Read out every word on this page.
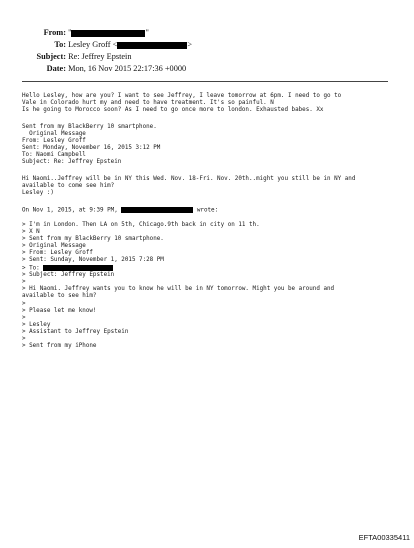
From: "	"
To: Lesley Groff <	>
Subject: Re: Jeffrey Epstein
Date: Mon, 16 Nov 2015 22:17:36 +0000
Hello Lesley, how are you? I want to see Jeffrey, I leave tomorrow at 6pm. I need to go to
Vale in Colorado hurt my and need to have treatment. It's so painful. N
Is he going to Morocco soon? As I need to go once more to london. Exhausted babes. Xx
Sent from my BlackBerry 10 smartphone.
Original Message
From: Lesley Groff
Sent: Monday, November 16, 2015 3:12 PM
To: Naomi Campbell
Subject: Re: Jeffrey Epstein
Hi Naomi..Jeffrey will be in NY this Wed. Nov. 18-Fri. Nov. 20th..might you still be in NY and
available to come see him?
Lesley :)
On Nov 1, 2015, at 9:39 PM,	wrote:
> I'm in London. Then LA on 5th, Chicago.9th back in city on 11 th.
> X N
> Sent from my BlackBerry 10 smartphone.
> Original Message
> From: Lesley Groff
> Sent: Sunday, November 1, 2015 7:28 PM
> To:
> Subject: Jeffrey Epstein
>
> Hi Naomi. Jeffrey wants you to know he will be in NY tomorrow. Might you be around and
available to see him?
>
> Please let me know!
>
> Lesley
> Assistant to Jeffrey Epstein
>
> Sent from my iPhone
EFTA00335411
